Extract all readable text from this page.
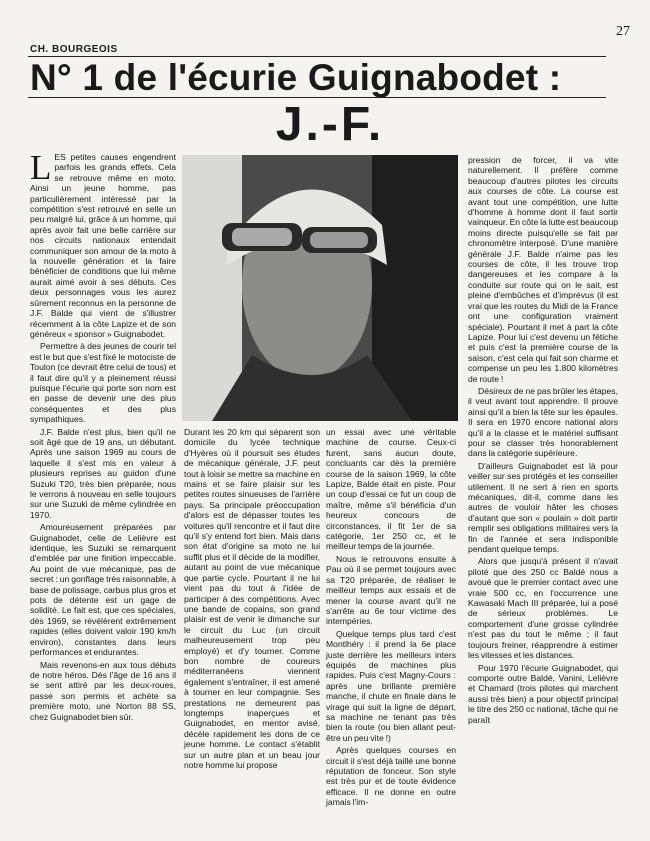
27
CH. BOURGEOIS
N° 1 de l'écurie Guignabodet :
J.-F.

LES petites causes engendrent parfois les grands effets. Cela se retrouve même en moto. Ainsi un jeune homme, pas particulièrement intéressé par la compétition s'est retrouvé en selle un peu malgré lui, grâce à un homme, qui après avoir fait une belle carrière sur nos circuits nationaux entendait communiquer son amour de la moto à la nouvelle génération et la faire bénéficier de conditions que lui même aurait aimé avoir à ses débuts. Ces deux personnages vous les aurez sûrement reconnus en la personne de J.F. Balde qui vient de s'illustrer récemment à la côte Lapize et de son généreux « sponsor » Guignabodet.

Permettre à des jeunes de courir tel est le but que s'est fixé le motociste de Toulon (ce devrait être celui de tous) et il faut dire qu'il y a pleinement réussi puisque l'écurie qui porte son nom est en passe de devenir une des plus conséquentes et des plus sympathiques.

J.F. Balde n'est plus, bien qu'il ne soit âgé que de 19 ans, un débutant. Après une saison 1969 au cours de laquelle il s'est mis en valeur à plusieurs reprises au guidon d'une Suzuki T20, très bien préparée, nous le verrons à nouveau en selle toujours sur une Suzuki de même cylindrée en 1970.

Amoureusement préparées par Guignabodet, celle de Lelièvre est identique, les Suzuki se remarquent d'emblée par une finition impeccable. Au point de vue mécanique, pas de secret : un gonflage très raisonnable, à base de polissage, carbus plus gros et pots de détente est un gage de solidité. Le fait est, que ces spéciales, dès 1969, se révélèrent extrêmement rapides (elles doivent valoir 190 km/h environ), constantes dans leurs performances et endurantes.

Mais revenons-en aux tous débuts de notre héros. Dès l'âge de 16 ans il se sent attiré par les deux-roues, passe son permis et achète sa première moto, une Norton 88 SS, chez Guignabodet bien sûr.

Durant les 20 km qui séparent son domicile du lycée technique d'Hyères où il poursuit ses études de mécanique générale, J.F. peut tout à loisir se mettre sa machine en mains et se faire plaisir sur les petites routes sinueuses de l'arrière pays. Sa principale préoccupation d'alors est de dépasser toutes les voitures qu'il rencontre et il faut dire qu'il s'y entend fort bien. Mais dans son état d'origine sa moto ne lui suffit plus et il décide de la modifier, autant au point de vue mécanique que partie cycle. Pourtant il ne lui vient pas du tout à l'idée de participer à des compétitions. Avec une bande de copains, son grand plaisir est de venir le dimanche sur le circuit du Luc (un circuit malheureusement trop peu employé) et d'y tourner. Comme bon nombre de coureurs méditerranéens viennent également s'entraîner, il est amené à tourner en leur compagnie. Ses prestations ne demeurent pas longtemps inaperçues et Guignabodet, en mentor avisé, décèle rapidement les dons de ce jeune homme. Le contact s'établit sur un autre plan et un beau jour notre homme lui propose

un essai avec une véritable machine de course. Ceux-ci furent, sans aucun doute, concluants car dès la première course de la saison 1969, la côte Lapize, Balde était en piste. Pour un coup d'essai ce fut un coup de maître, même s'il bénéficia d'un heureux concours de circonstances, il fit 1er de sa catégorie, 1er 250 cc, et le meilleur temps de la journée.

Nous le retrouvons ensuite à Pau où il se permet toujours avec sa T20 préparée, de réaliser le meilleur temps aux essais et de mener la course avant qu'il ne s'arrête au 6e tour victime des intempéries.

Quelque temps plus tard c'est Montlhéry : il prend la 6e place juste derrière les meilleurs inters équipés de machines plus rapides. Puis c'est Magny-Cours : après une brillante première manche, il chute en finale dans le virage qui suit la ligne de départ, sa machine ne tenant pas très bien la route (ou bien allant peut-être un peu vite !)

Après quelques courses en circuit il s'est déjà taillé une bonne réputation de fonceur. Son style est très pur et de toute évidence efficace. Il ne donne en outre jamais l'im-

pression de forcer, il va vite naturellement. Il préfère comme beaucoup d'autres pilotes les circuits aux courses de côte. La course est avant tout une compétition, une lutte d'homme à homme dont il faut sortir vainqueur. En côte la lutte est beaucoup moins directe puisqu'elle se fait par chronomètre interposé. D'une manière générale J.F. Balde n'aime pas les courses de côte, il les trouve trop dangereuses et les compare à la conduite sur route qui on le sait, est pleine d'embûches et d'imprévus (il est vrai que les routes du Midi de la France ont une configuration vraiment spéciale). Pourtant il met à part la côte Lapize. Pour lui c'est devenu un fétiche et puis c'est la première course de la saison, c'est cela qui fait son charme et compense un peu les 1.800 kilomètres de route !

Désireux de ne pas brûler les étapes, il veut avant tout apprendre. Il prouve ainsi qu'il a bien la tête sur les épaules. Il sera en 1970 encore national alors qu'il a la classe et le matériel suffisant pour se classer très honorablement dans la catégorie supérieure.

D'ailleurs Guignabodet est là pour veiller sur ses protégés et les conseiller utilement. Il ne sert à rien en sports mécaniques, dit-il, comme dans les autres de vouloir hâter les choses d'autant que son « poulain » doit partir remplir ses obligations militaires vers la fin de l'année et sera indisponible pendant quelque temps.

Alors que jusqu'à présent il n'avait piloté que des 250 cc Baldé nous a avoué que le premier contact avec une vraie 500 cc, en l'occurrence une Kawasaki Mach III préparée, lui a posé de sérieux problèmes. Le comportement d'une grosse cylindrée n'est pas du tout le même ; il faut toujours freiner, réapprendre à estimer les vitesses et les distances.

Pour 1970 l'écurie Guignabodet, qui comporte outre Baldé, Vanini, Lelièvre et Chamard (trois pilotes qui marchent aussi très bien) a pour objectif principal le titre des 250 cc national, tâche qui ne paraît
